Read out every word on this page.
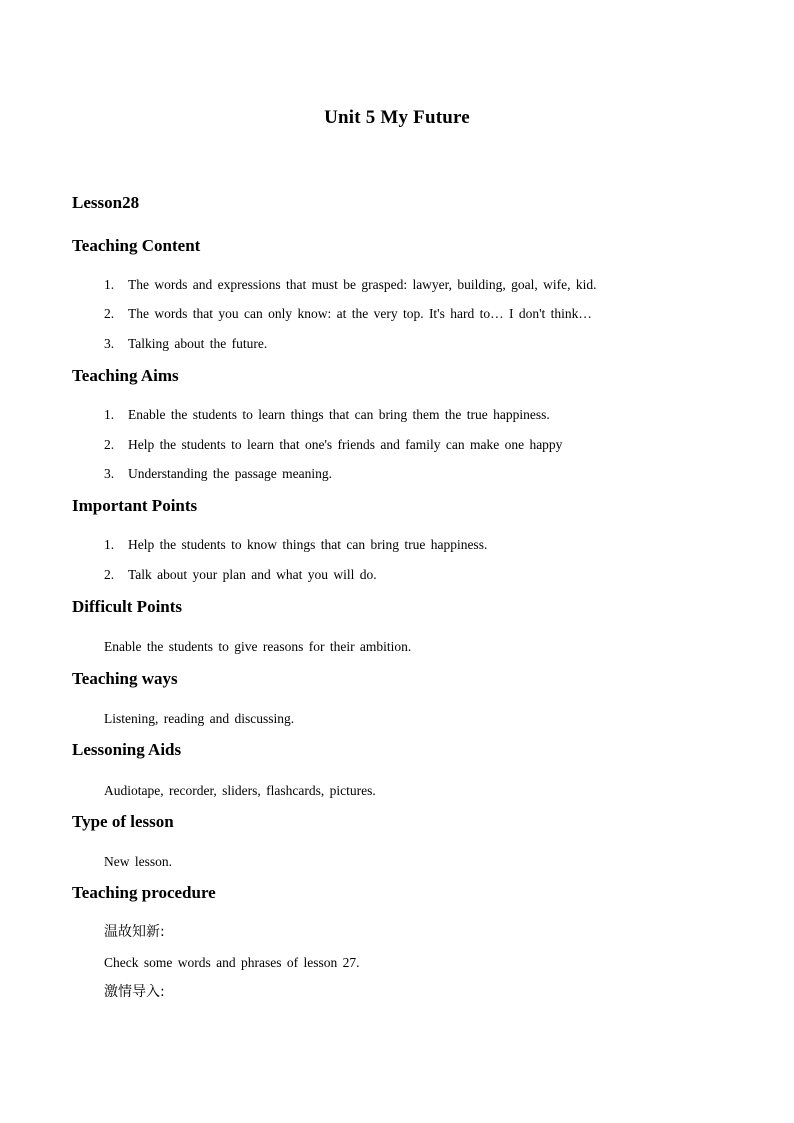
Unit 5 My Future
Lesson28
Teaching Content
1. The words and expressions that must be grasped: lawyer, building, goal, wife, kid.
2. The words that you can only know: at the very top. It's hard to… I don't think…
3. Talking about the future.
Teaching Aims
1. Enable the students to learn things that can bring them the true happiness.
2. Help the students to learn that one's friends and family can make one happy
3. Understanding the passage meaning.
Important Points
1. Help the students to know things that can bring true happiness.
2. Talk about your plan and what you will do.
Difficult Points
Enable the students to give reasons for their ambition.
Teaching ways
Listening, reading and discussing.
Lessoning Aids
Audiotape, recorder, sliders, flashcards, pictures.
Type of lesson
New lesson.
Teaching procedure
温故知新:
Check some words and phrases of lesson 27.
激情导入:
